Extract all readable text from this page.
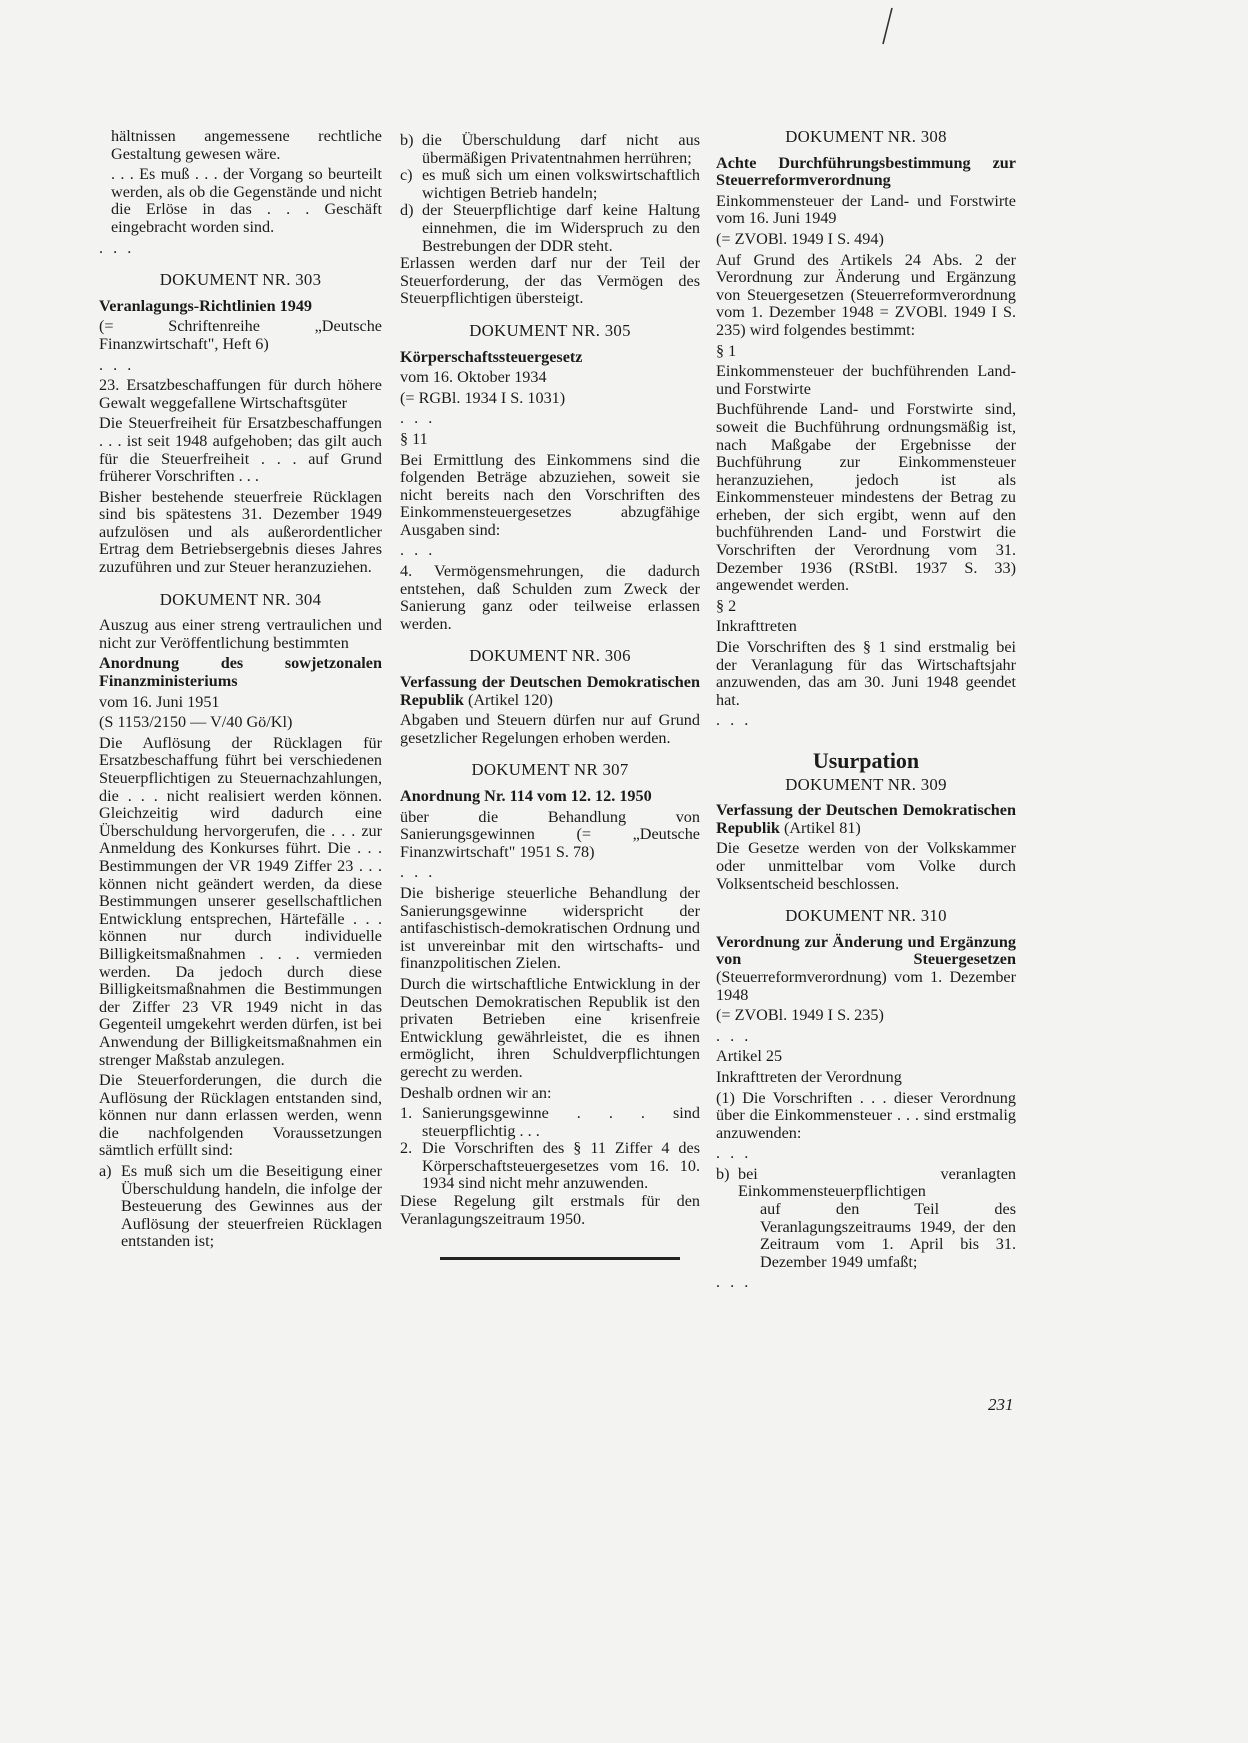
hältnissen angemessene rechtliche Gestaltung gewesen wäre.

. . . Es muß . . . der Vorgang so beurteilt werden, als ob die Gegenstände und nicht die Erlöse in das . . . Geschäft eingebracht worden sind.

. . .

DOKUMENT NR. 303

Veranlagungs-Richtlinien 1949

(= Schriftenreihe „Deutsche Finanzwirtschaft", Heft 6)

. . .

23. Ersatzbeschaffungen für durch höhere Gewalt weggefallene Wirtschaftsgüter

Die Steuerfreiheit für Ersatzbeschaffungen . . . ist seit 1948 aufgehoben; das gilt auch für die Steuerfreiheit . . . auf Grund früherer Vorschriften . . .

Bisher bestehende steuerfreie Rücklagen sind bis spätestens 31. Dezember 1949 aufzulösen und als außerordentlicher Ertrag dem Betriebsergebnis dieses Jahres zuzuführen und zur Steuer heranzuziehen.

DOKUMENT NR. 304

Auszug aus einer streng vertraulichen und nicht zur Veröffentlichung bestimmten

Anordnung des sowjetzonalen Finanzministeriums

vom 16. Juni 1951

(S 1153/2150 — V/40 Gö/Kl)

Die Auflösung der Rücklagen für Ersatzbeschaffung führt bei verschiedenen Steuerpflichtigen zu Steuernachzahlungen, die . . . nicht realisiert werden können. Gleichzeitig wird dadurch eine Überschuldung hervorgerufen, die . . . zur Anmeldung des Konkurses führt. Die . . . Bestimmungen der VR 1949 Ziffer 23 . . . können nicht geändert werden, da diese Bestimmungen unserer gesellschaftlichen Entwicklung entsprechen, Härtefälle . . . können nur durch individuelle Billigkeitsmaßnahmen . . . vermieden werden. Da jedoch durch diese Billigkeitsmaßnahmen die Bestimmungen der Ziffer 23 VR 1949 nicht in das Gegenteil umgekehrt werden dürfen, ist bei Anwendung der Billigkeitsmaßnahmen ein strenger Maßstab anzulegen.

Die Steuerforderungen, die durch die Auflösung der Rücklagen entstanden sind, können nur dann erlassen werden, wenn die nachfolgenden Voraussetzungen sämtlich erfüllt sind:

a) Es muß sich um die Beseitigung einer Überschuldung handeln, die infolge der Besteuerung des Gewinnes aus der Auflösung der steuerfreien Rücklagen entstanden ist;
b) die Überschuldung darf nicht aus übermäßigen Privatentnahmen herrühren;
c) es muß sich um einen volkswirtschaftlich wichtigen Betrieb handeln;
d) der Steuerpflichtige darf keine Haltung einnehmen, die im Widerspruch zu den Bestrebungen der DDR steht.

Erlassen werden darf nur der Teil der Steuerforderung, der das Vermögen des Steuerpflichtigen übersteigt.

DOKUMENT NR. 305

Körperschaftssteuergesetz

vom 16. Oktober 1934

(= RGBl. 1934 I S. 1031)

. . .

§ 11

Bei Ermittlung des Einkommens sind die folgenden Beträge abzuziehen, soweit sie nicht bereits nach den Vorschriften des Einkommensteuergesetzes abzugfähige Ausgaben sind:

. . .

4. Vermögensmehrungen, die dadurch entstehen, daß Schulden zum Zweck der Sanierung ganz oder teilweise erlassen werden.

DOKUMENT NR. 306

Verfassung der Deutschen Demokratischen Republik (Artikel 120)

Abgaben und Steuern dürfen nur auf Grund gesetzlicher Regelungen erhoben werden.

DOKUMENT NR 307

Anordnung Nr. 114 vom 12. 12. 1950

über die Behandlung von Sanierungsgewinnen (= „Deutsche Finanzwirtschaft" 1951 S. 78)

. . .

Die bisherige steuerliche Behandlung der Sanierungsgewinne widerspricht der antifaschistisch-demokratischen Ordnung und ist unvereinbar mit den wirtschafts- und finanzpolitischen Zielen.

Durch die wirtschaftliche Entwicklung in der Deutschen Demokratischen Republik ist den privaten Betrieben eine krisenfreie Entwicklung gewährleistet, die es ihnen ermöglicht, ihren Schuldverpflichtungen gerecht zu werden.

Deshalb ordnen wir an:

1. Sanierungsgewinne . . . sind steuerpflichtig . . .
2. Die Vorschriften des § 11 Ziffer 4 des Körperschaftsteuergesetzes vom 16. 10. 1934 sind nicht mehr anzuwenden.

Diese Regelung gilt erstmals für den Veranlagungszeitraum 1950.

DOKUMENT NR. 308

Achte Durchführungsbestimmung zur Steuerreformverordnung

Einkommensteuer der Land- und Forstwirte vom 16. Juni 1949

(= ZVOBl. 1949 I S. 494)

Auf Grund des Artikels 24 Abs. 2 der Verordnung zur Änderung und Ergänzung von Steuergesetzen (Steuerreformverordnung vom 1. Dezember 1948 = ZVOBl. 1949 I S. 235) wird folgendes bestimmt:

§ 1

Einkommensteuer der buchführenden Land- und Forstwirte

Buchführende Land- und Forstwirte sind, soweit die Buchführung ordnungsmäßig ist, nach Maßgabe der Ergebnisse der Buchführung zur Einkommensteuer heranzuziehen, jedoch ist als Einkommensteuer mindestens der Betrag zu erheben, der sich ergibt, wenn auf den buchführenden Land- und Forstwirt die Vorschriften der Verordnung vom 31. Dezember 1936 (RStBl. 1937 S. 33) angewendet werden.

§ 2

Inkrafttreten

Die Vorschriften des § 1 sind erstmalig bei der Veranlagung für das Wirtschaftsjahr anzuwenden, das am 30. Juni 1948 geendet hat.

. . .

Usurpation
DOKUMENT NR. 309

Verfassung der Deutschen Demokratischen Republik (Artikel 81)

Die Gesetze werden von der Volkskammer oder unmittelbar vom Volke durch Volksentscheid beschlossen.

DOKUMENT NR. 310

Verordnung zur Änderung und Ergänzung von Steuergesetzen (Steuerreformverordnung) vom 1. Dezember 1948

(= ZVOBl. 1949 I S. 235)

. . .

Artikel 25

Inkrafttreten der Verordnung

(1) Die Vorschriften . . . dieser Verordnung über die Einkommensteuer . . . sind erstmalig anzuwenden:

. . .

b) bei veranlagten Einkommensteuerpflichtigen

auf den Teil des Veranlagungszeitraums 1949, der den Zeitraum vom 1. April bis 31. Dezember 1949 umfaßt;

. . .

231
